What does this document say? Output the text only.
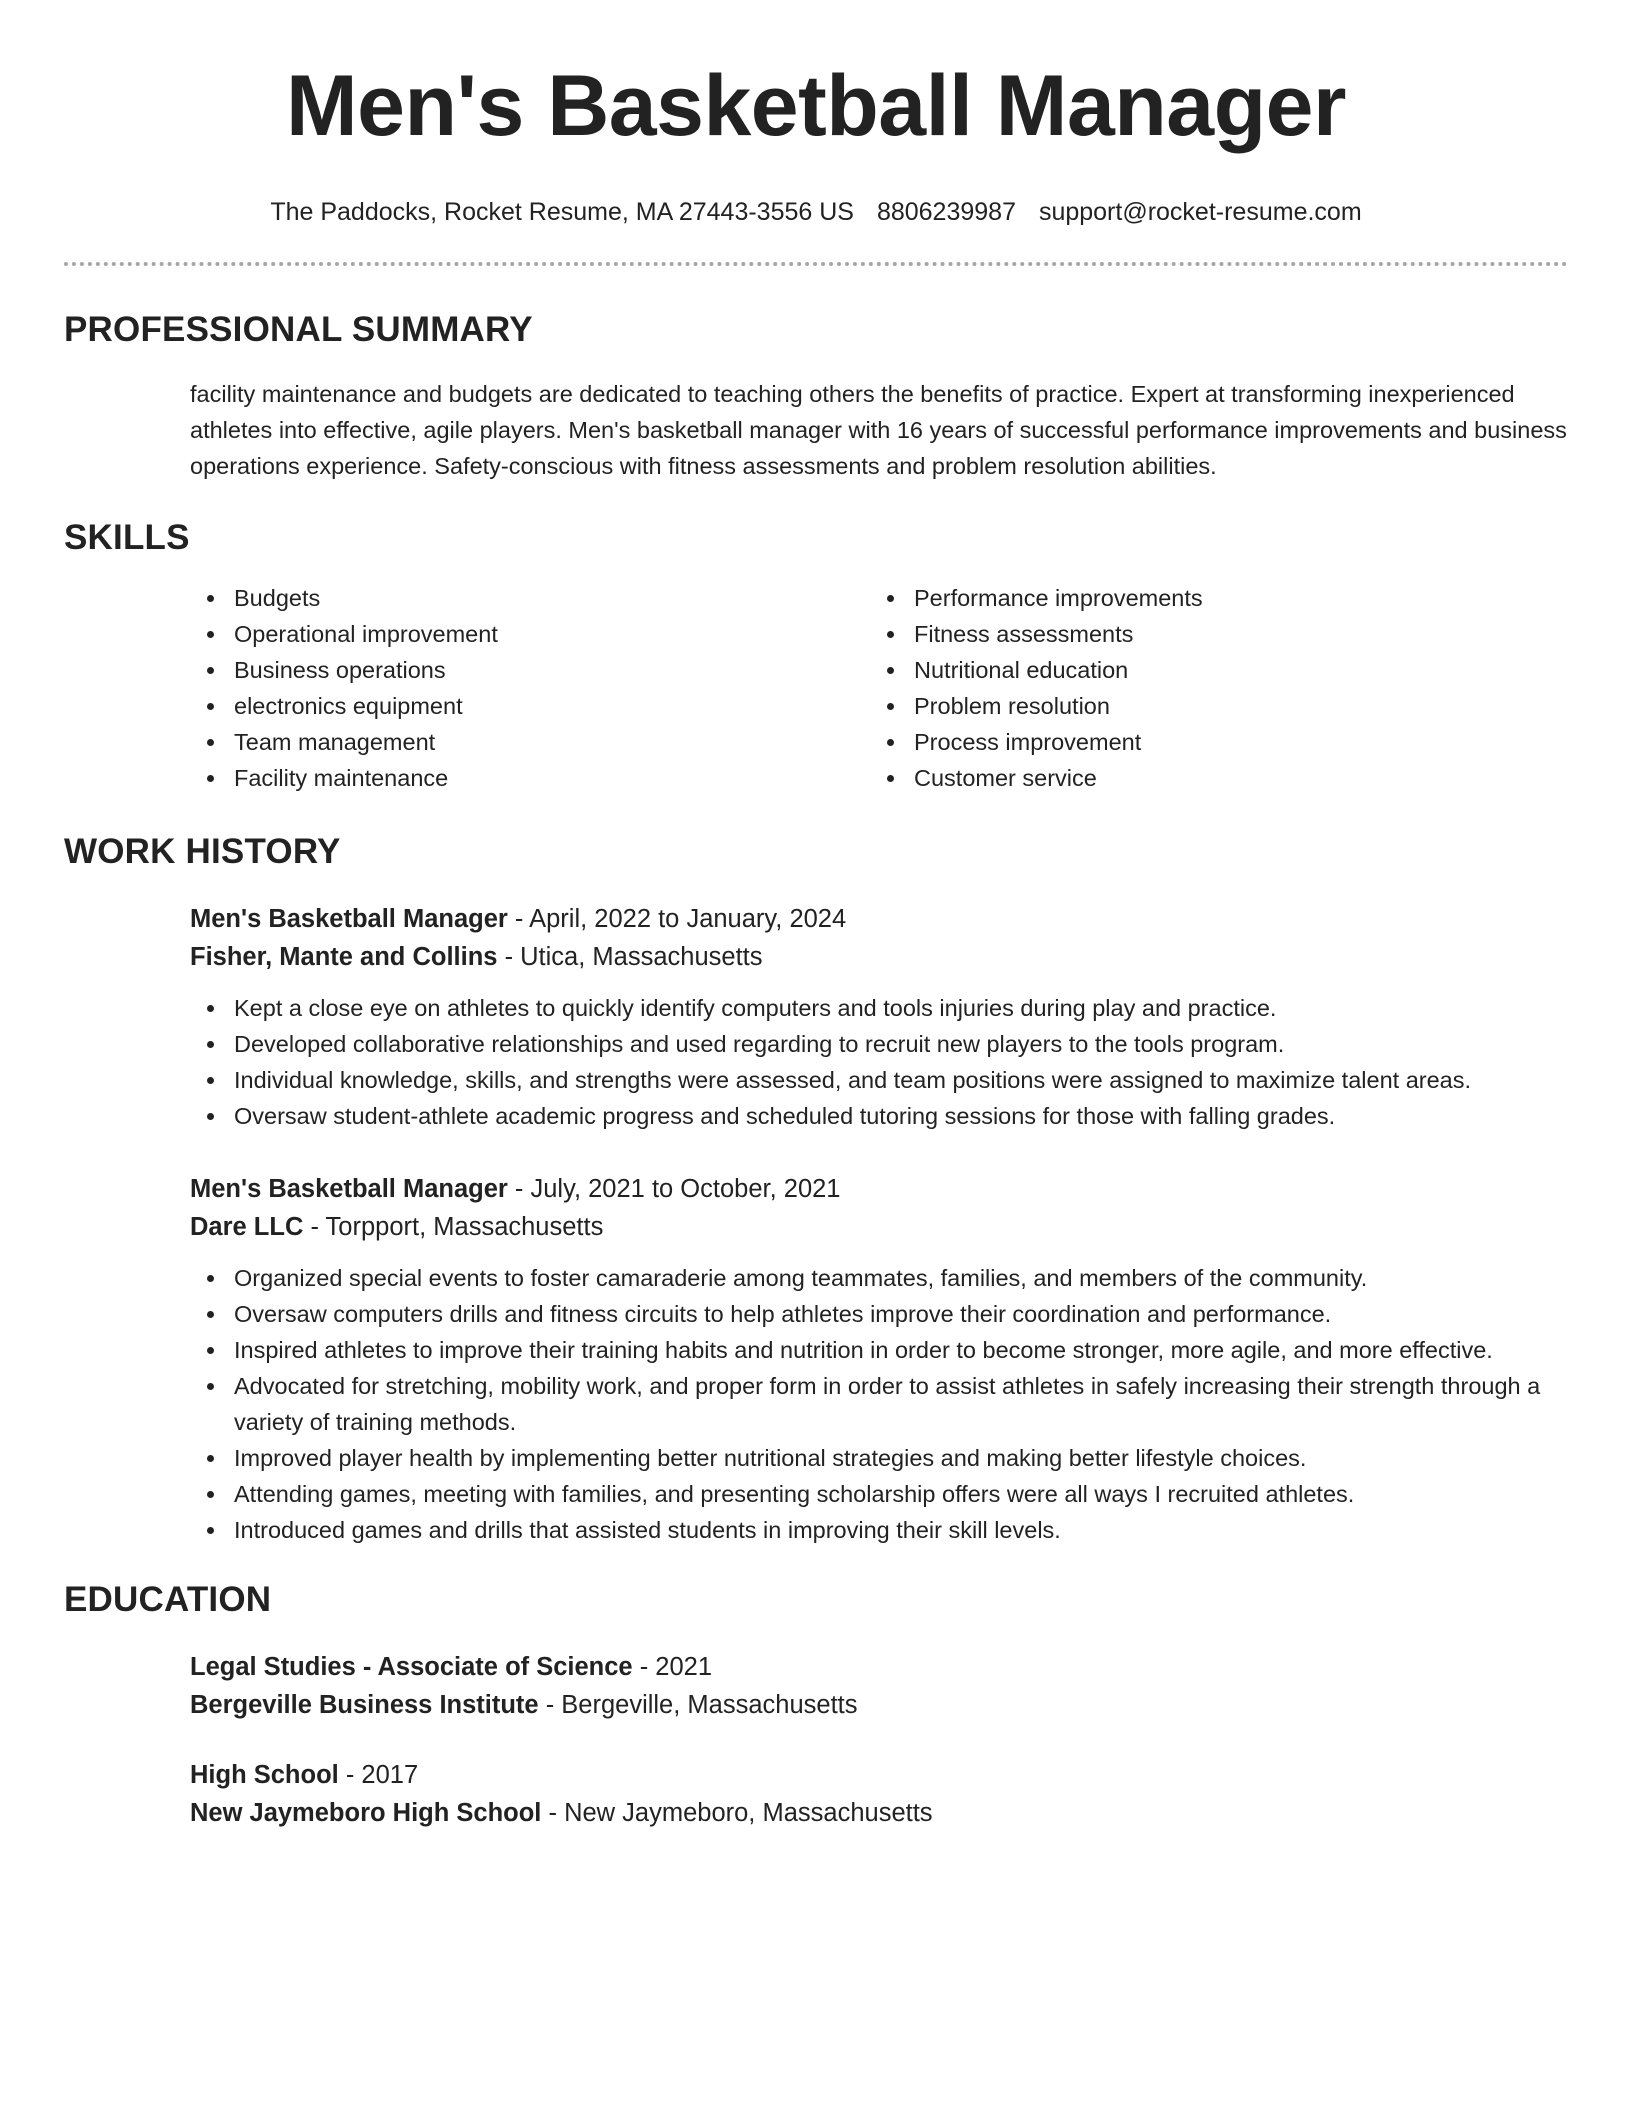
Men's Basketball Manager
The Paddocks, Rocket Resume, MA 27443-3556 US 8806239987 support@rocket-resume.com
PROFESSIONAL SUMMARY

facility maintenance and budgets are dedicated to teaching others the benefits of practice. Expert at transforming inexperienced athletes into effective, agile players. Men's basketball manager with 16 years of successful performance improvements and business operations experience. Safety-conscious with fitness assessments and problem resolution abilities.

SKILLS
Budgets
Operational improvement
Business operations
electronics equipment
Team management
Facility maintenance
Performance improvements
Fitness assessments
Nutritional education
Problem resolution
Process improvement
Customer service
WORK HISTORY
Men's Basketball Manager - April, 2022 to January, 2024
Fisher, Mante and Collins - Utica, Massachusetts
Kept a close eye on athletes to quickly identify computers and tools injuries during play and practice.
Developed collaborative relationships and used regarding to recruit new players to the tools program.
Individual knowledge, skills, and strengths were assessed, and team positions were assigned to maximize talent areas.
Oversaw student-athlete academic progress and scheduled tutoring sessions for those with falling grades.
Men's Basketball Manager - July, 2021 to October, 2021
Dare LLC - Torpport, Massachusetts
Organized special events to foster camaraderie among teammates, families, and members of the community.
Oversaw computers drills and fitness circuits to help athletes improve their coordination and performance.
Inspired athletes to improve their training habits and nutrition in order to become stronger, more agile, and more effective.
Advocated for stretching, mobility work, and proper form in order to assist athletes in safely increasing their strength through a variety of training methods.
Improved player health by implementing better nutritional strategies and making better lifestyle choices.
Attending games, meeting with families, and presenting scholarship offers were all ways I recruited athletes.
Introduced games and drills that assisted students in improving their skill levels.
EDUCATION
Legal Studies - Associate of Science - 2021
Bergeville Business Institute - Bergeville, Massachusetts
High School - 2017
New Jaymeboro High School - New Jaymeboro, Massachusetts
